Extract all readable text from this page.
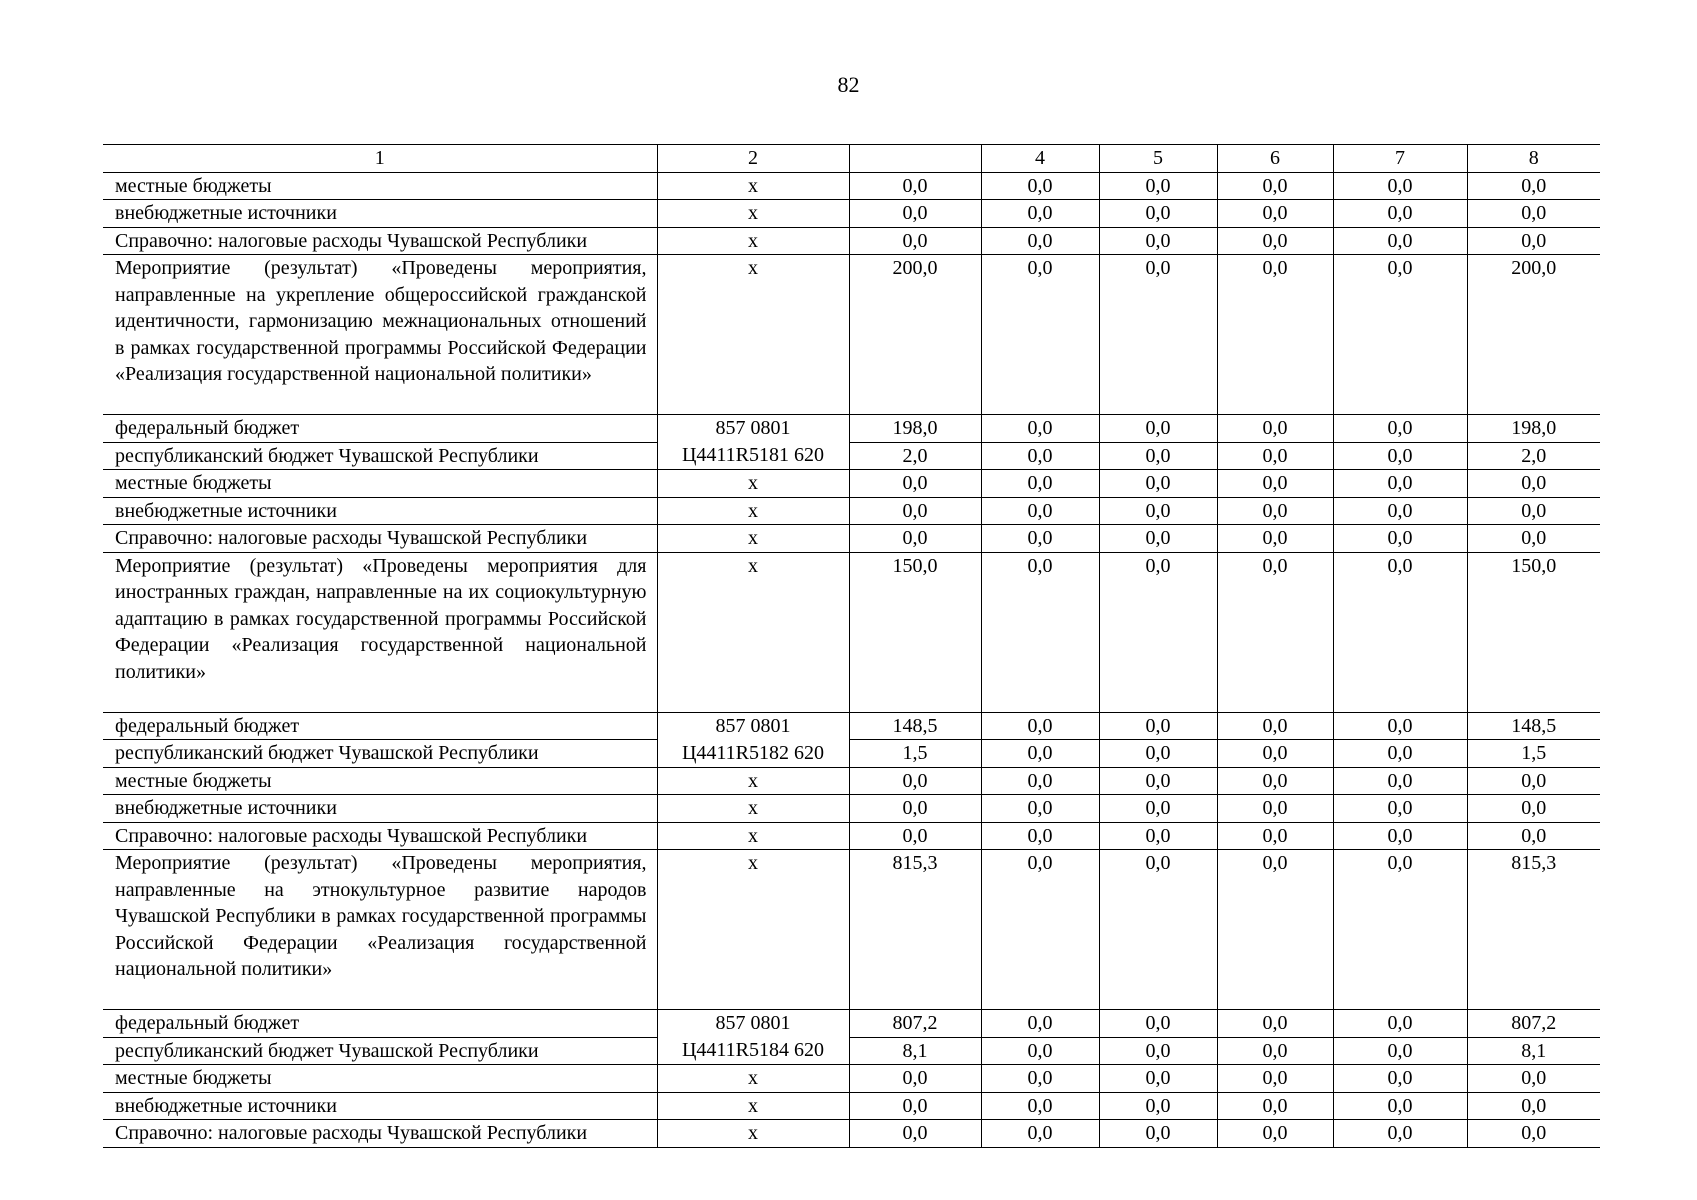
82
1	2		4	5	6	7	8
местные бюджеты	x	0,0	0,0	0,0	0,0	0,0	0,0
внебюджетные источники	x	0,0	0,0	0,0	0,0	0,0	0,0
Справочно: налоговые расходы Чувашской Республики	x	0,0	0,0	0,0	0,0	0,0	0,0
Мероприятие (результат) «Проведены мероприятия, направленные на укрепление общероссийской гражданской идентичности, гармонизацию межнациональных отношений в рамках государственной программы Российской Федерации «Реализация государственной национальной политики»	x	200,0	0,0	0,0	0,0	0,0	200,0
федеральный бюджет	857 0801	198,0	0,0	0,0	0,0	0,0	198,0
республиканский бюджет Чувашской Республики	Ц4411R5181 620	2,0	0,0	0,0	0,0	0,0	2,0
местные бюджеты	x	0,0	0,0	0,0	0,0	0,0	0,0
внебюджетные источники	x	0,0	0,0	0,0	0,0	0,0	0,0
Справочно: налоговые расходы Чувашской Республики	x	0,0	0,0	0,0	0,0	0,0	0,0
Мероприятие (результат) «Проведены мероприятия для иностранных граждан, направленные на их социокультурную адаптацию в рамках государственной программы Российской Федерации «Реализация государственной национальной политики»	x	150,0	0,0	0,0	0,0	0,0	150,0
федеральный бюджет	857 0801	148,5	0,0	0,0	0,0	0,0	148,5
республиканский бюджет Чувашской Республики	Ц4411R5182 620	1,5	0,0	0,0	0,0	0,0	1,5
местные бюджеты	x	0,0	0,0	0,0	0,0	0,0	0,0
внебюджетные источники	x	0,0	0,0	0,0	0,0	0,0	0,0
Справочно: налоговые расходы Чувашской Республики	x	0,0	0,0	0,0	0,0	0,0	0,0
Мероприятие (результат) «Проведены мероприятия, направленные на этнокультурное развитие народов Чувашской Республики в рамках государственной программы Российской Федерации «Реализация государственной национальной политики»	x	815,3	0,0	0,0	0,0	0,0	815,3
федеральный бюджет	857 0801	807,2	0,0	0,0	0,0	0,0	807,2
республиканский бюджет Чувашской Республики	Ц4411R5184 620	8,1	0,0	0,0	0,0	0,0	8,1
местные бюджеты	x	0,0	0,0	0,0	0,0	0,0	0,0
внебюджетные источники	x	0,0	0,0	0,0	0,0	0,0	0,0
Справочно: налоговые расходы Чувашской Республики	x	0,0	0,0	0,0	0,0	0,0	0,0
